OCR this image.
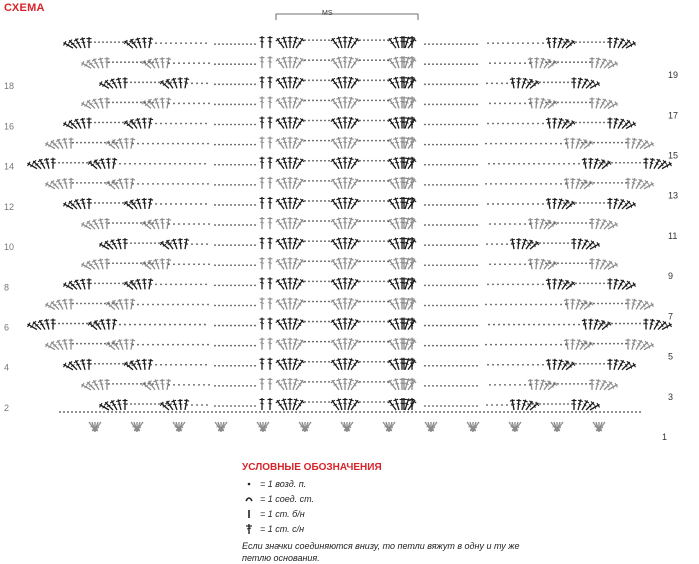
СХЕМА
2
4
6
8
10
12
14
16
18
1
3
5
7
9
11
13
15
17
19
MS
УСЛОВНЫЕ ОБОЗНАЧЕНИЯ
= 1 возд. п.
= 1 соед. ст.
= 1 ст. б/н
= 1 ст. с/н
Если значки соединяются внизу, то петли вяжут в одну и ту же петлю основания.
